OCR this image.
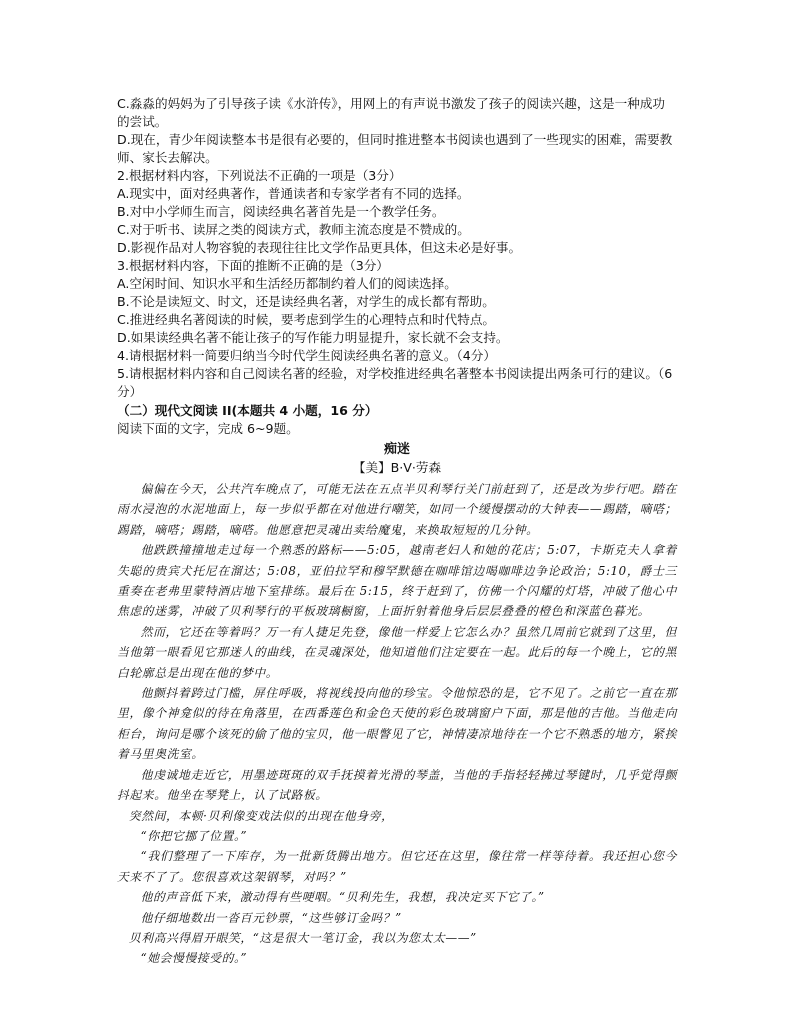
C.淼淼的妈妈为了引导孩子读《水浒传》，用网上的有声说书激发了孩子的阅读兴趣，这是一种成功的尝试。

D.现在，青少年阅读整本书是很有必要的，但同时推进整本书阅读也遇到了一些现实的困难，需要教师、家长去解决。

2.根据材料内容，下列说法不正确的一项是（3分）

A.现实中，面对经典著作，普通读者和专家学者有不同的选择。

B.对中小学师生而言，阅读经典名著首先是一个教学任务。

C.对于听书、读屏之类的阅读方式，教师主流态度是不赞成的。

D.影视作品对人物容貌的表现往往比文学作品更具体，但这未必是好事。

3.根据材料内容，下面的推断不正确的是（3分）

A.空闲时间、知识水平和生活经历都制约着人们的阅读选择。

B.不论是读短文、时文，还是读经典名著，对学生的成长都有帮助。

C.推进经典名著阅读的时候，要考虑到学生的心理特点和时代特点。

D.如果读经典名著不能让孩子的写作能力明显提升，家长就不会支持。

4.请根据材料一简要归纳当今时代学生阅读经典名著的意义。（4分）

5.请根据材料内容和自己阅读名著的经验，对学校推进经典名著整本书阅读提出两条可行的建议。（6分）

（二）现代文阅读 II(本题共 4 小题，16 分）

阅读下面的文字，完成 6~9题。

痴迷
【美】B·V·劳森

偏偏在今天，公共汽车晚点了，可能无法在五点半贝利琴行关门前赶到了，还是改为步行吧。踏在雨水浸泡的水泥地面上，每一步似乎都在对他进行嘲笑，如同一个缓慢摆动的大钟表——踢踏，嘀嗒；踢踏，嘀嗒；踢踏，嘀嗒。他愿意把灵魂出卖给魔鬼，来换取短短的几分钟。

他跌跌撞撞地走过每一个熟悉的路标——5:05，越南老妇人和她的花店；5:07，卡斯克夫人拿着失聪的贵宾犬托尼在溜达；5:08，亚伯拉罕和穆罕默德在咖啡馆边喝咖啡边争论政治；5:10，爵士三重奏在老弗里蒙特酒店地下室排练。最后在 5:15，终于赶到了，仿佛一个闪耀的灯塔，冲破了他心中焦虑的迷雾，冲破了贝利琴行的平板玻璃橱窗，上面折射着他身后层层叠叠的橙色和深蓝色暮光。

然而，它还在等着吗？万一有人捷足先登，像他一样爱上它怎么办？虽然几周前它就到了这里，但当他第一眼看见它那迷人的曲线，在灵魂深处，他知道他们注定要在一起。此后的每一个晚上，它的黑白轮廓总是出现在他的梦中。

他颤抖着跨过门槛，屏住呼吸，将视线投向他的珍宝。令他惊恐的是，它不见了。之前它一直在那里，像个神龛似的待在角落里，在西番莲色和金色天使的彩色玻璃窗户下面，那是他的吉他。当他走向柜台，询问是哪个该死的偷了他的宝贝，他一眼瞥见了它，神情凄凉地待在一个它不熟悉的地方，紧挨着马里奥洗室。

他虔诚地走近它，用墨迹斑斑的双手抚摸着光滑的琴盖，当他的手指轻轻拂过琴键时，几乎觉得颤抖起来。他坐在琴凳上，认了试路板。

突然间，本顿·贝利像变戏法似的出现在他身旁，

“你把它挪了位置。”

“我们整理了一下库存，为一批新货腾出地方。但它还在这里，像往常一样等待着。我还担心您今天来不了了。您很喜欢这架钢琴，对吗？”

他的声音低下来，激动得有些哽咽。“贝利先生，我想，我决定买下它了。”

他仔细地数出一沓百元钞票，“这些够订金吗？”

贝利高兴得眉开眼笑，“这是很大一笔订金，我以为您太太——”

“她会慢慢接受的。”
